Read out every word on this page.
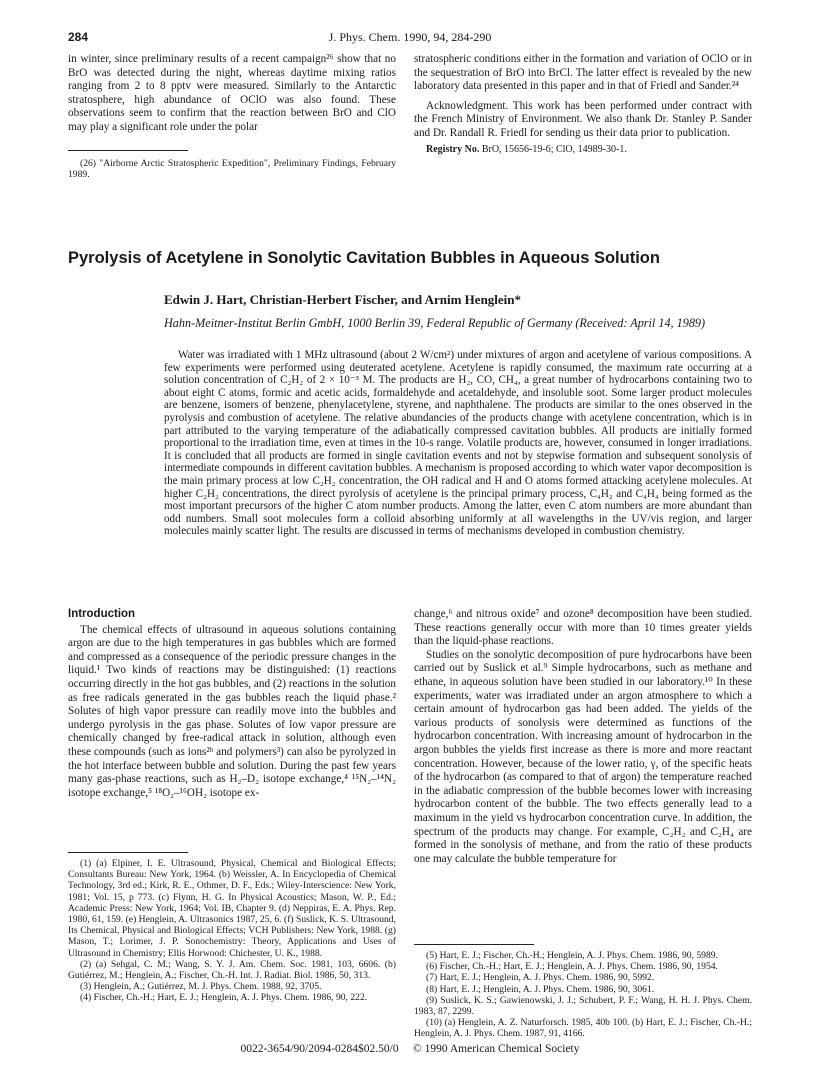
284	J. Phys. Chem. 1990, 94, 284-290

in winter, since preliminary results of a recent campaign²⁶ show that no BrO was detected during the night, whereas daytime mixing ratios ranging from 2 to 8 pptv were measured. Similarly to the Antarctic stratosphere, high abundance of OClO was also found. These observations seem to confirm that the reaction between BrO and ClO may play a significant role under the polar

(26) "Airborne Arctic Stratospheric Expedition", Preliminary Findings, February 1989.

stratospheric conditions either in the formation and variation of OClO or in the sequestration of BrO into BrCl. The latter effect is revealed by the new laboratory data presented in this paper and in that of Friedl and Sander.²⁴

Acknowledgment. This work has been performed under contract with the French Ministry of Environment. We also thank Dr. Stanley P. Sander and Dr. Randall R. Friedl for sending us their data prior to publication.

Registry No. BrO, 15656-19-6; ClO, 14989-30-1.

Pyrolysis of Acetylene in Sonolytic Cavitation Bubbles in Aqueous Solution
Edwin J. Hart, Christian-Herbert Fischer, and Arnim Henglein*
Hahn-Meitner-Institut Berlin GmbH, 1000 Berlin 39, Federal Republic of Germany (Received: April 14, 1989)

Water was irradiated with 1 MHz ultrasound (about 2 W/cm²) under mixtures of argon and acetylene of various compositions. A few experiments were performed using deuterated acetylene. Acetylene is rapidly consumed, the maximum rate occurring at a solution concentration of C₂H₂ of 2 × 10⁻³ M. The products are H₂, CO, CH₄, a great number of hydrocarbons containing two to about eight C atoms, formic and acetic acids, formaldehyde and acetaldehyde, and insoluble soot. Some larger product molecules are benzene, isomers of benzene, phenylacetylene, styrene, and naphthalene. The products are similar to the ones observed in the pyrolysis and combustion of acetylene. The relative abundancies of the products change with acetylene concentration, which is in part attributed to the varying temperature of the adiabatically compressed cavitation bubbles. All products are initially formed proportional to the irradiation time, even at times in the 10-s range. Volatile products are, however, consumed in longer irradiations. It is concluded that all products are formed in single cavitation events and not by stepwise formation and subsequent sonolysis of intermediate compounds in different cavitation bubbles. A mechanism is proposed according to which water vapor decomposition is the main primary process at low C₂H₂ concentration, the OH radical and H and O atoms formed attacking acetylene molecules. At higher C₂H₂ concentrations, the direct pyrolysis of acetylene is the principal primary process, C₄H₂ and C₄H₄ being formed as the most important precursors of the higher C atom number products. Among the latter, even C atom numbers are more abundant than odd numbers. Small soot molecules form a colloid absorbing uniformly at all wavelengths in the UV/vis region, and larger molecules mainly scatter light. The results are discussed in terms of mechanisms developed in combustion chemistry.

Introduction

The chemical effects of ultrasound in aqueous solutions containing argon are due to the high temperatures in gas bubbles which are formed and compressed as a consequence of the periodic pressure changes in the liquid.¹ Two kinds of reactions may be distinguished: (1) reactions occurring directly in the hot gas bubbles, and (2) reactions in the solution as free radicals generated in the gas bubbles reach the liquid phase.² Solutes of high vapor pressure can readily move into the bubbles and undergo pyrolysis in the gas phase. Solutes of low vapor pressure are chemically changed by free-radical attack in solution, although even these compounds (such as ions²ᵇ and polymers³) can also be pyrolyzed in the hot interface between bubble and solution. During the past few years many gas-phase reactions, such as H₂–D₂ isotope exchange,⁴ ¹⁵N₂–¹⁴N₂ isotope exchange,⁵ ¹⁸O₂–¹⁶OH₂ isotope ex-

(1) (a) Elpiner, I. E. Ultrasound, Physical, Chemical and Biological Effects; Consultants Bureau: New York, 1964. (b) Weissler, A. In Encyclopedia of Chemical Technology, 3rd ed.; Kirk, R. E., Othmer, D. F., Eds.; Wiley-Interscience: New York, 1981; Vol. 15, p 773. (c) Flynn, H. G. In Physical Acoustics; Mason, W. P., Ed.; Academic Press: New York, 1964; Vol. IB, Chapter 9. (d) Neppiras, E. A. Phys. Rep. 1980, 61, 159. (e) Henglein, A. Ultrasonics 1987, 25, 6. (f) Suslick, K. S. Ultrasound, Its Chemical, Physical and Biological Effects; VCH Publishers: New York, 1988. (g) Mason, T.; Lorimer, J. P. Sonochemistry: Theory, Applications and Uses of Ultrasound in Chemistry; Ellis Horwood: Chichester, U. K., 1988.

(2) (a) Sehgal, C. M.; Wang, S. Y. J. Am. Chem. Soc. 1981, 103, 6606. (b) Gutiérrez, M.; Henglein, A.; Fischer, Ch.-H. Int. J. Radiat. Biol. 1986, 50, 313.

(3) Henglein, A.; Gutiérrez, M. J. Phys. Chem. 1988, 92, 3705.

(4) Fischer, Ch.-H.; Hart, E. J.; Henglein, A. J. Phys. Chem. 1986, 90, 222.

change,⁶ and nitrous oxide⁷ and ozone⁸ decomposition have been studied. These reactions generally occur with more than 10 times greater yields than the liquid-phase reactions.

Studies on the sonolytic decomposition of pure hydrocarbons have been carried out by Suslick et al.⁹ Simple hydrocarbons, such as methane and ethane, in aqueous solution have been studied in our laboratory.¹⁰ In these experiments, water was irradiated under an argon atmosphere to which a certain amount of hydrocarbon gas had been added. The yields of the various products of sonolysis were determined as functions of the hydrocarbon concentration. With increasing amount of hydrocarbon in the argon bubbles the yields first increase as there is more and more reactant concentration. However, because of the lower ratio, γ, of the specific heats of the hydrocarbon (as compared to that of argon) the temperature reached in the adiabatic compression of the bubble becomes lower with increasing hydrocarbon content of the bubble. The two effects generally lead to a maximum in the yield vs hydrocarbon concentration curve. In addition, the spectrum of the products may change. For example, C₂H₂ and C₂H₄ are formed in the sonolysis of methane, and from the ratio of these products one may calculate the bubble temperature for

(5) Hart, E. J.; Fischer, Ch.-H.; Henglein, A. J. Phys. Chem. 1986, 90, 5989.

(6) Fischer, Ch.-H.; Hart, E. J.; Henglein, A. J. Phys. Chem. 1986, 90, 1954.

(7) Hart, E. J.; Henglein, A. J. Phys. Chem. 1986, 90, 5992.

(8) Hart, E. J.; Henglein, A. J. Phys. Chem. 1986, 90, 3061.

(9) Suslick, K. S.; Gawienowski, J. J.; Schubert, P. F.; Wang, H. H. J. Phys. Chem. 1983, 87, 2299.

(10) (a) Henglein, A. Z. Naturforsch. 1985, 40b 100. (b) Hart, E. J.; Fischer, Ch.-H.; Henglein, A. J. Phys. Chem. 1987, 91, 4166.

0022-3654/90/2094-0284$02.50/0 © 1990 American Chemical Society
